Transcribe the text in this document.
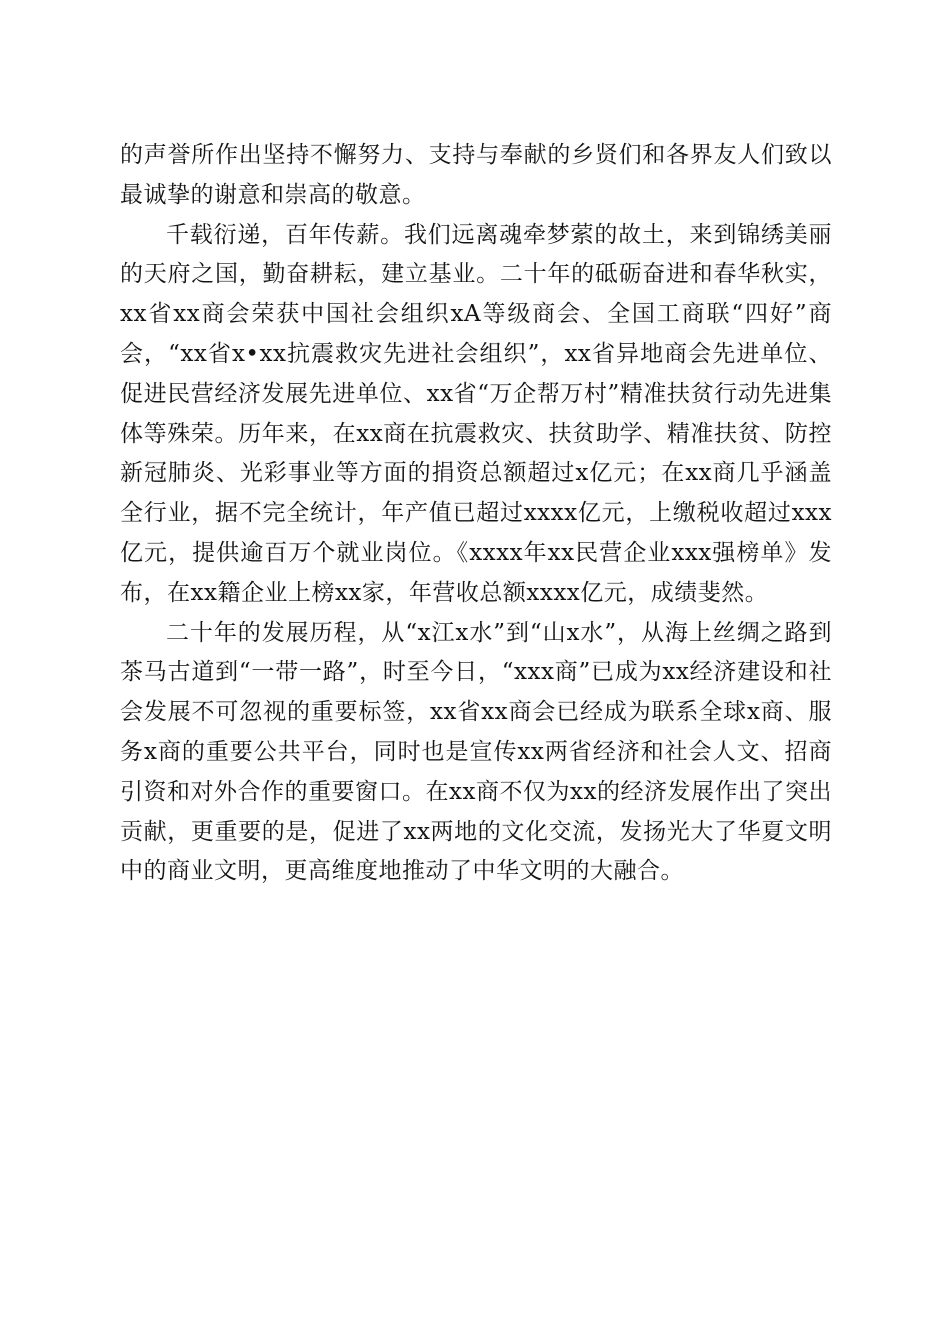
的声誉所作出坚持不懈努力、支持与奉献的乡贤们和各界友人们致以最诚挚的谢意和崇高的敬意。

千载衍递，百年传薪。我们远离魂牵梦萦的故土，来到锦绣美丽的天府之国，勤奋耕耘，建立基业。二十年的砥砺奋进和春华秋实，xx省xx商会荣获中国社会组织xA等级商会、全国工商联“四好”商会，“xx省x•xx抗震救灾先进社会组织”，xx省异地商会先进单位、促进民营经济发展先进单位、xx省“万企帮万村”精准扶贫行动先进集体等殊荣。历年来，在xx商在抗震救灾、扶贫助学、精准扶贫、防控新冠肺炎、光彩事业等方面的捐资总额超过x亿元；在xx商几乎涵盖全行业，据不完全统计，年产值已超过xxxx亿元，上缴税收超过xxx亿元，提供逾百万个就业岗位。《xxxx年xx民营企业xxx强榜单》发布，在xx籍企业上榜xx家，年营收总额xxxx亿元，成绩斐然。

二十年的发展历程，从“x江x水”到“山x水”，从海上丝绸之路到茶马古道到“一带一路”，时至今日，“xxx商”已成为xx经济建设和社会发展不可忽视的重要标签，xx省xx商会已经成为联系全球x商、服务x商的重要公共平台，同时也是宣传xx两省经济和社会人文、招商引资和对外合作的重要窗口。在xx商不仅为xx的经济发展作出了突出贡献，更重要的是，促进了xx两地的文化交流，发扬光大了华夏文明中的商业文明，更高维度地推动了中华文明的大融合。
